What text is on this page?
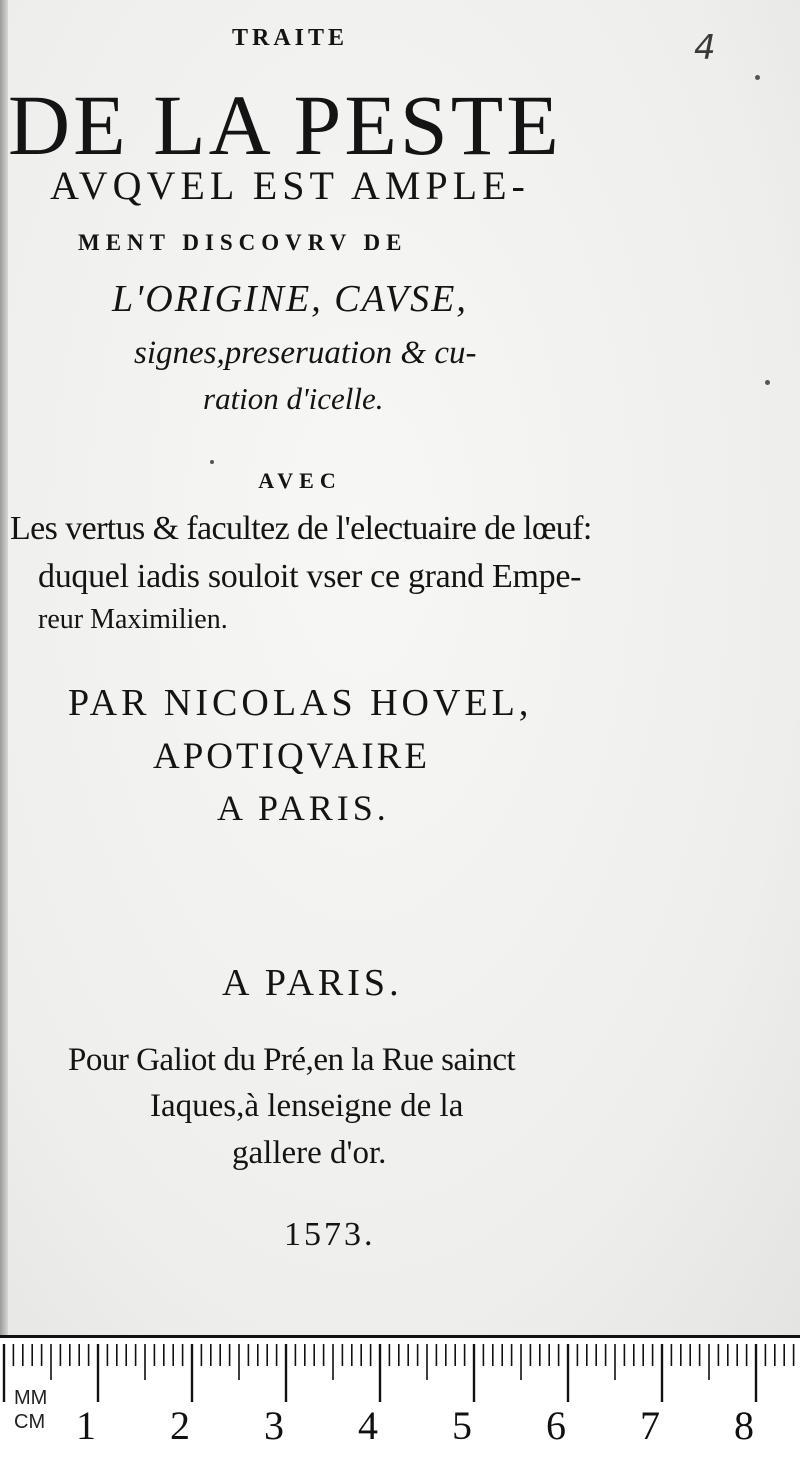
4
TRAITE
DE LA PESTE
AVQVEL EST AMPLE-
MENT DISCOVRV DE
L'ORIGINE, CAVSE,
signes,preseruation & cu-
ration d'icelle.
AVEC
Les vertus & facultez de l'electuaire de lœuf:
duquel iadis souloit vser ce grand Empe-
reur Maximilien.
PAR NICOLAS HOVEL,
APOTIQVAIRE
A PARIS.
A PARIS.
Pour Galiot du Pré,en la Rue sainct
Iaques,à lenseigne de la
gallere d'or.
1573.
MM
CM 1 2 3 4 5 6 7 8
